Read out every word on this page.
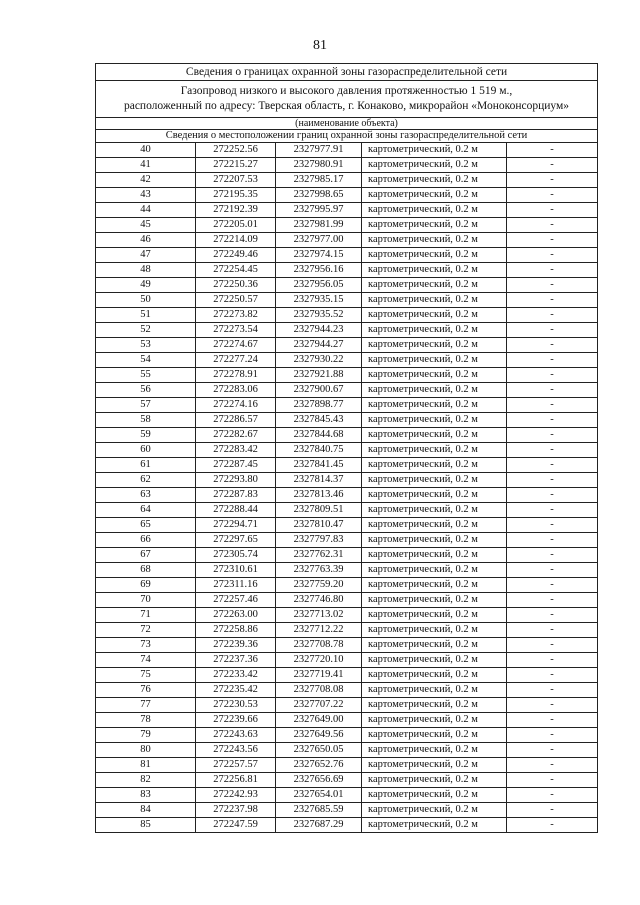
81
Сведения о границах охранной зоны газораспределительной сети				
Газопровод низкого и высокого давления протяженностью 1 519 м.,
расположенный по адресу: Тверская область, г. Конаково, микрорайон «Моноконсорциум»				
(наименование объекта)				
Сведения о местоположении границ охранной зоны газораспределительной сети				
40	272252.56	2327977.91	картометрический, 0.2 м	-
41	272215.27	2327980.91	картометрический, 0.2 м	-
42	272207.53	2327985.17	картометрический, 0.2 м	-
43	272195.35	2327998.65	картометрический, 0.2 м	-
44	272192.39	2327995.97	картометрический, 0.2 м	-
45	272205.01	2327981.99	картометрический, 0.2 м	-
46	272214.09	2327977.00	картометрический, 0.2 м	-
47	272249.46	2327974.15	картометрический, 0.2 м	-
48	272254.45	2327956.16	картометрический, 0.2 м	-
49	272250.36	2327956.05	картометрический, 0.2 м	-
50	272250.57	2327935.15	картометрический, 0.2 м	-
51	272273.82	2327935.52	картометрический, 0.2 м	-
52	272273.54	2327944.23	картометрический, 0.2 м	-
53	272274.67	2327944.27	картометрический, 0.2 м	-
54	272277.24	2327930.22	картометрический, 0.2 м	-
55	272278.91	2327921.88	картометрический, 0.2 м	-
56	272283.06	2327900.67	картометрический, 0.2 м	-
57	272274.16	2327898.77	картометрический, 0.2 м	-
58	272286.57	2327845.43	картометрический, 0.2 м	-
59	272282.67	2327844.68	картометрический, 0.2 м	-
60	272283.42	2327840.75	картометрический, 0.2 м	-
61	272287.45	2327841.45	картометрический, 0.2 м	-
62	272293.80	2327814.37	картометрический, 0.2 м	-
63	272287.83	2327813.46	картометрический, 0.2 м	-
64	272288.44	2327809.51	картометрический, 0.2 м	-
65	272294.71	2327810.47	картометрический, 0.2 м	-
66	272297.65	2327797.83	картометрический, 0.2 м	-
67	272305.74	2327762.31	картометрический, 0.2 м	-
68	272310.61	2327763.39	картометрический, 0.2 м	-
69	272311.16	2327759.20	картометрический, 0.2 м	-
70	272257.46	2327746.80	картометрический, 0.2 м	-
71	272263.00	2327713.02	картометрический, 0.2 м	-
72	272258.86	2327712.22	картометрический, 0.2 м	-
73	272239.36	2327708.78	картометрический, 0.2 м	-
74	272237.36	2327720.10	картометрический, 0.2 м	-
75	272233.42	2327719.41	картометрический, 0.2 м	-
76	272235.42	2327708.08	картометрический, 0.2 м	-
77	272230.53	2327707.22	картометрический, 0.2 м	-
78	272239.66	2327649.00	картометрический, 0.2 м	-
79	272243.63	2327649.56	картометрический, 0.2 м	-
80	272243.56	2327650.05	картометрический, 0.2 м	-
81	272257.57	2327652.76	картометрический, 0.2 м	-
82	272256.81	2327656.69	картометрический, 0.2 м	-
83	272242.93	2327654.01	картометрический, 0.2 м	-
84	272237.98	2327685.59	картометрический, 0.2 м	-
85	272247.59	2327687.29	картометрический, 0.2 м	-
